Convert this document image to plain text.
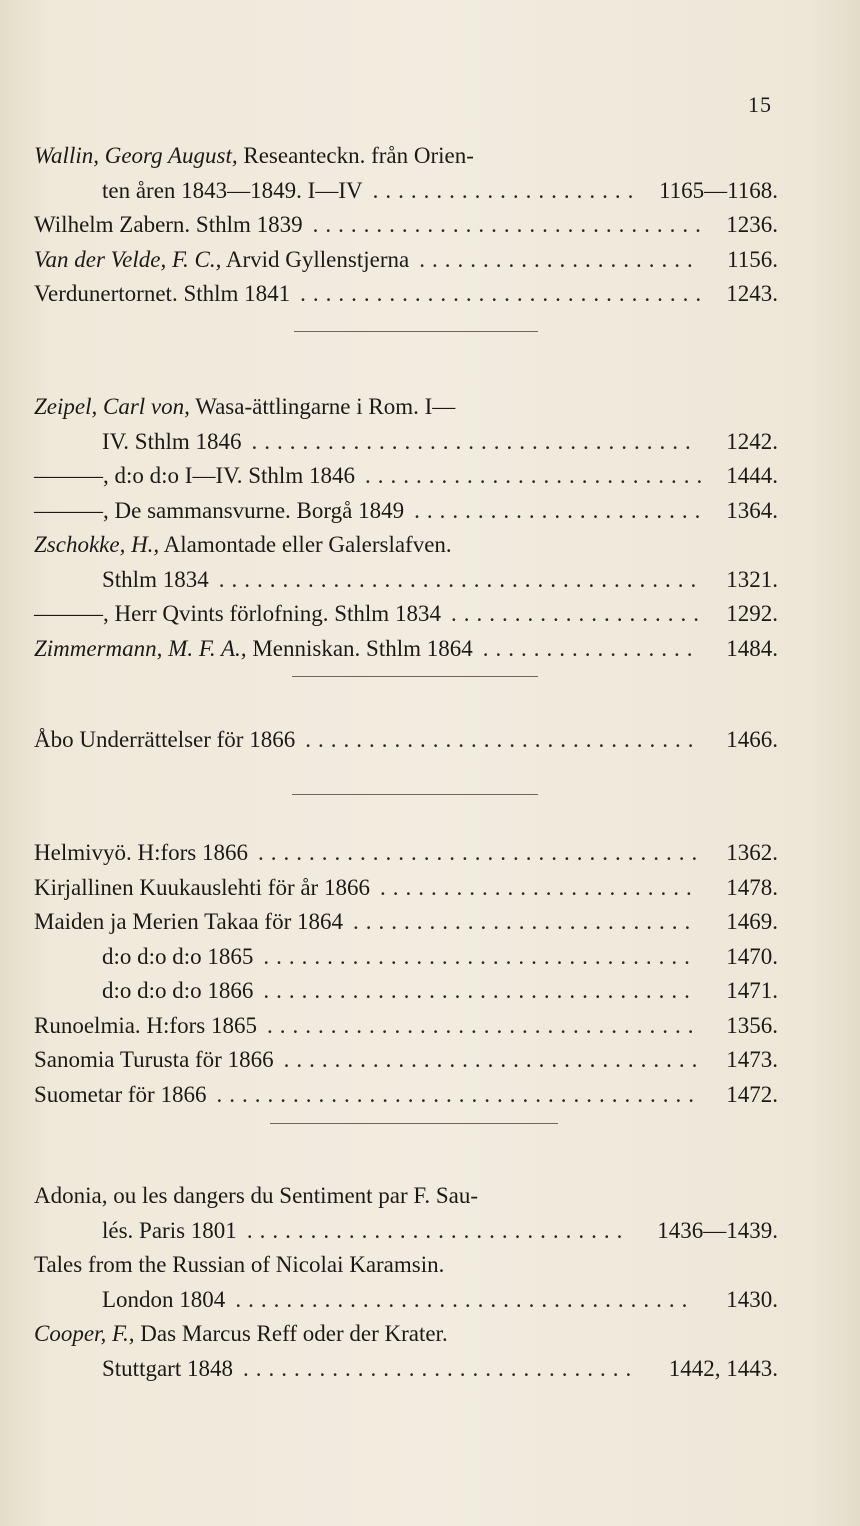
15
Wallin, Georg August, Reseanteckn. från Orien-
ten åren 1843—1849. I—IV	1165—1168.
.....................
Wilhelm Zabern. Sthlm 1839	1236.
...............................
Van der Velde, F. C., Arvid Gyllenstjerna	1156.
......................
Verdunertornet. Sthlm 1841	1243.
................................
Zeipel, Carl von, Wasa-ättlingarne i Rom. I—
IV. Sthlm 1846	1242.
...................................
———, d:o d:o I—IV. Sthlm 1846	1444.
...........................
———, De sammansvurne. Borgå 1849	1364.
.......................
Zschokke, H., Alamontade eller Galerslafven.
Sthlm 1834	1321.
......................................
———, Herr Qvints förlofning. Sthlm 1834	1292.
....................
Zimmermann, M. F. A., Menniskan. Sthlm 1864	1484.
.................
Åbo Underrättelser för 1866	1466.
...............................
Helmivyö. H:fors 1866	1362.
...................................
Kirjallinen Kuukauslehti för år 1866	1478.
.........................
Maiden ja Merien Takaa för 1864	1469.
...........................
d:o d:o d:o 1865	1470.
..................................
d:o d:o d:o 1866	1471.
..................................
Runoelmia. H:fors 1865	1356.
..................................
Sanomia Turusta för 1866	1473.
.................................
Suometar för 1866	1472.
......................................
Adonia, ou les dangers du Sentiment par F. Sau-
lés. Paris 1801	1436—1439.
..............................
Tales from the Russian of Nicolai Karamsin.
London 1804	1430.
....................................
Cooper, F., Das Marcus Reff oder der Krater.
Stuttgart 1848	1442, 1443.
...............................
